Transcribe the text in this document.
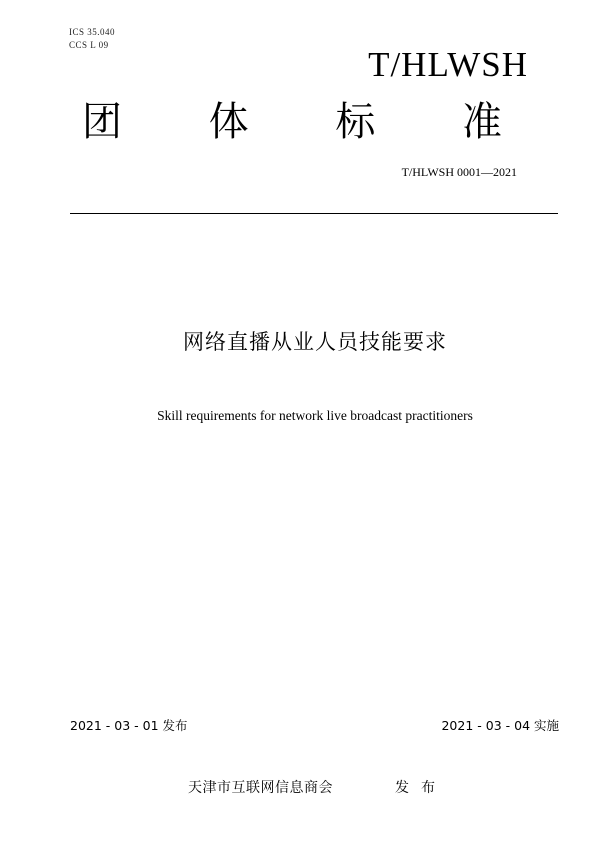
ICS 35.040
CCS L 09	T/HLWSH
团 体 标 准
T/HLWSH 0001—2021
网络直播从业人员技能要求
Skill requirements for network live broadcast practitioners
2021 - 03 - 01 发布	2021 - 03 - 04 实施
天津市互联网信息商会	发 布
